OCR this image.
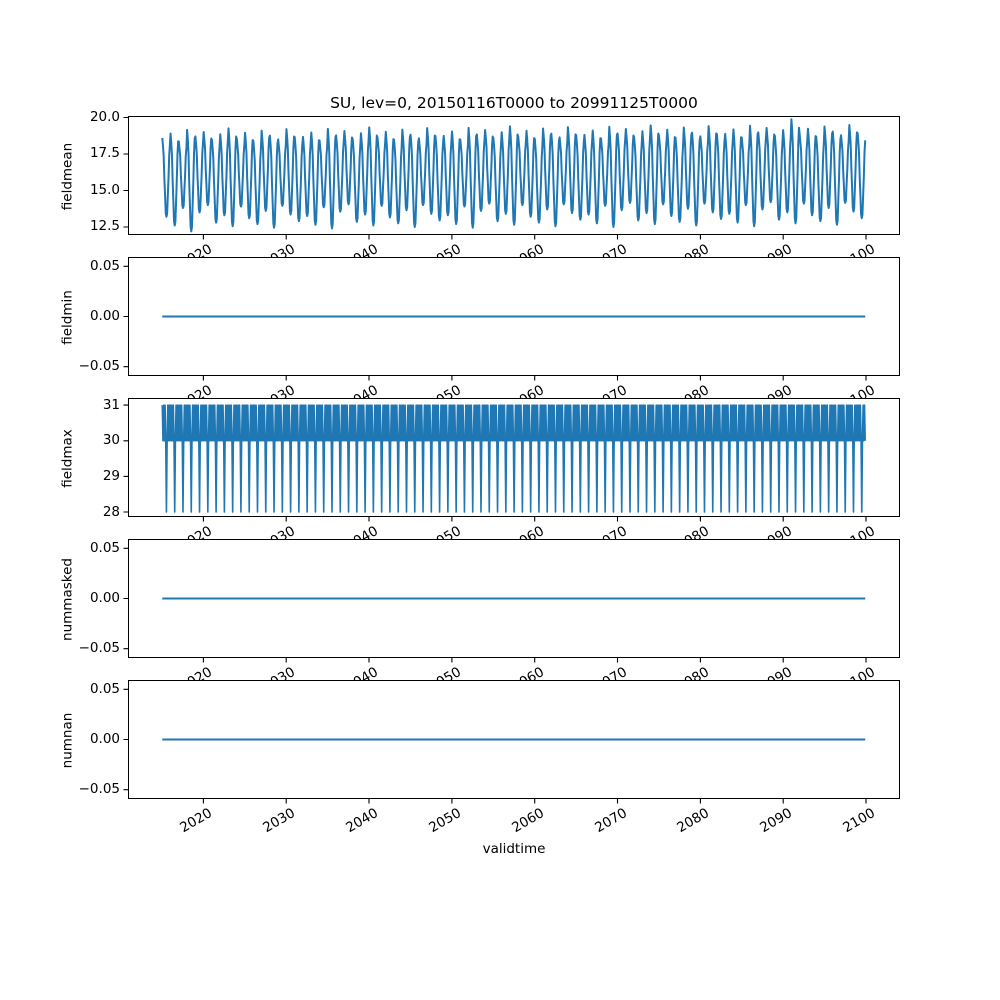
SU, lev=0, 20150116T0000 to 20991125T0000
fieldmean
12.5
15.0
17.5
20.0
fieldmin
−0.05
0.00
0.05
fieldmax
28
29
30
31
nummasked
−0.05
0.00
0.05
numnan
−0.05
0.00
0.05
2020	2030	2040	2050	2060	2070	2080	2090	2100
validtime
